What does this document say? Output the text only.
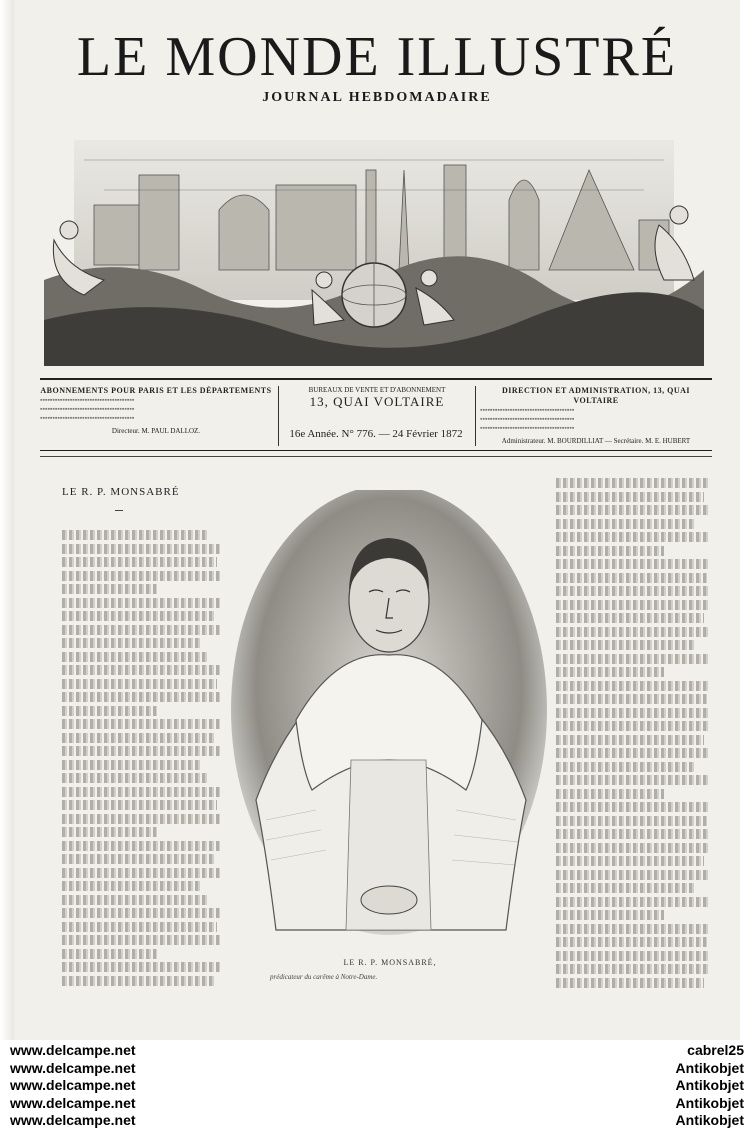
LE MONDE ILLUSTRÉ
JOURNAL HEBDOMADAIRE
ABONNEMENTS POUR PARIS ET LES DÉPARTEMENTS
▪▪▪▪▪▪▪▪▪▪▪▪▪▪▪▪▪▪▪▪▪▪▪▪▪▪▪▪▪▪▪▪▪▪▪▪▪▪
▪▪▪▪▪▪▪▪▪▪▪▪▪▪▪▪▪▪▪▪▪▪▪▪▪▪▪▪▪▪▪▪▪▪▪▪▪▪
▪▪▪▪▪▪▪▪▪▪▪▪▪▪▪▪▪▪▪▪▪▪▪▪▪▪▪▪▪▪▪▪▪▪▪▪▪▪
Directeur. M. PAUL DALLOZ.
BUREAUX DE VENTE ET D'ABONNEMENT
13, QUAI VOLTAIRE
DIRECTION ET ADMINISTRATION, 13, QUAI VOLTAIRE
▪▪▪▪▪▪▪▪▪▪▪▪▪▪▪▪▪▪▪▪▪▪▪▪▪▪▪▪▪▪▪▪▪▪▪▪▪▪
▪▪▪▪▪▪▪▪▪▪▪▪▪▪▪▪▪▪▪▪▪▪▪▪▪▪▪▪▪▪▪▪▪▪▪▪▪▪
▪▪▪▪▪▪▪▪▪▪▪▪▪▪▪▪▪▪▪▪▪▪▪▪▪▪▪▪▪▪▪▪▪▪▪▪▪▪
Administrateur. M. BOURDILLIAT — Secrétaire. M. E. HUBERT
16e Année. N° 776. — 24 Février 1872
LE R. P. MONSABRÉ
LE R. P. MONSABRÉ,
prédicateur du carême à Notre-Dame.
www.delcampe.net
www.delcampe.net
www.delcampe.net
www.delcampe.net
www.delcampe.net
cabrel25
Antikobjet
Antikobjet
Antikobjet
Antikobjet
